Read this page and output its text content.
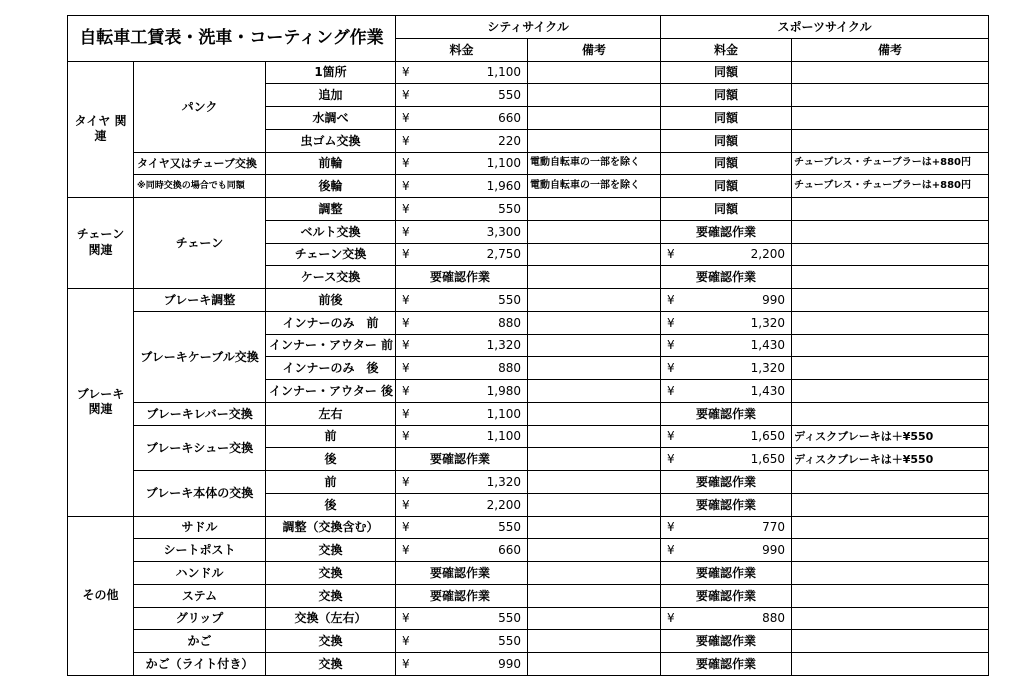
自転車工賃表・洗車・コーティング作業			シティサイクル		スポーツサイクル	
			料金	備考	料金	備考
タイヤ 関連	パンク	1箇所	¥ 1,100		同額	
		追加	¥ 550		同額	
		水調べ	¥ 660		同額	
		虫ゴム交換	¥ 220		同額	
	タイヤ又はチューブ交換	前輪	¥ 1,100	電動自転車の一部を除く	同額	チューブレス・チューブラーは+880円
	※同時交換の場合でも同額	後輪	¥ 1,960	電動自転車の一部を除く	同額	チューブレス・チューブラーは+880円
チェーン 関連	チェーン	調整	¥ 550		同額	
		ベルト交換	¥ 3,300		要確認作業	
		チェーン交換	¥ 2,750		¥ 2,200	

		ケース交換	要確認作業		要確認作業	
ブレーキ 関連	ブレーキ調整	前後	¥ 550		¥ 990	

	ブレーキケーブル交換	インナーのみ　前	¥ 880		¥ 1,320	

		インナー・アウター 前	¥ 1,320		¥ 1,430	

		インナーのみ　後	¥ 880		¥ 1,320	

		インナー・アウター 後	¥ 1,980		¥ 1,430	

	ブレーキレバー交換	左右	¥ 1,100		要確認作業	
	ブレーキシュー交換	前	¥ 1,100		¥ 1,650	ディスクブレーキは＋¥550
		後	要確認作業		¥ 1,650	ディスクブレーキは＋¥550
	ブレーキ本体の交換	前	¥ 1,320		要確認作業	
		後	¥ 2,200		要確認作業	
その他	サドル	調整（交換含む）	¥ 550		¥ 770	

	シートポスト	交換	¥ 660		¥ 990	

	ハンドル	交換	要確認作業		要確認作業	
	ステム	交換	要確認作業		要確認作業	
	グリップ	交換（左右）	¥ 550		¥ 880	

	かご	交換	¥ 550		要確認作業	
	かご（ライト付き）	交換	¥ 990		要確認作業	
